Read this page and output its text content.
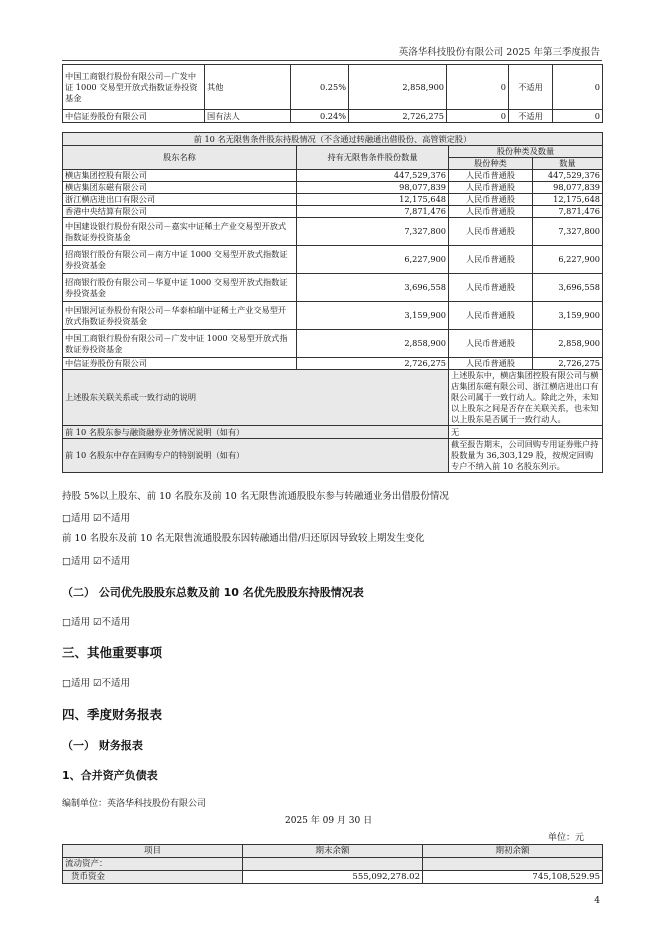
英洛华科技股份有限公司 2025 年第三季度报告
中国工商银行股份有限公司－广发中证 1000 交易型开放式指数证券投资基金	其他	0.25%	2,858,900	0	不适用	0
中信证券股份有限公司	国有法人	0.24%	2,726,275	0	不适用	0
前 10 名无限售条件股东持股情况（不含通过转融通出借股份、高管锁定股）			
股东名称	持有无限售条件股份数量	股份种类及数量	
		股份种类	数量
横店集团控股有限公司	447,529,376	人民币普通股	447,529,376
横店集团东磁有限公司	98,077,839	人民币普通股	98,077,839
浙江横店进出口有限公司	12,175,648	人民币普通股	12,175,648
香港中央结算有限公司	7,871,476	人民币普通股	7,871,476
中国建设银行股份有限公司－嘉实中证稀土产业交易型开放式指数证券投资基金	7,327,800	人民币普通股	7,327,800
招商银行股份有限公司－南方中证 1000 交易型开放式指数证券投资基金	6,227,900	人民币普通股	6,227,900
招商银行股份有限公司－华夏中证 1000 交易型开放式指数证券投资基金	3,696,558	人民币普通股	3,696,558
中国银河证券股份有限公司－华泰柏瑞中证稀土产业交易型开放式指数证券投资基金	3,159,900	人民币普通股	3,159,900
中国工商银行股份有限公司－广发中证 1000 交易型开放式指数证券投资基金	2,858,900	人民币普通股	2,858,900
中信证券股份有限公司	2,726,275	人民币普通股	2,726,275
上述股东关联关系或一致行动的说明		上述股东中，横店集团控股有限公司与横店集团东磁有限公司、浙江横店进出口有限公司属于一致行动人。除此之外，未知以上股东之间是否存在关联关系，也未知以上股东是否属于一致行动人。	
前 10 名股东参与融资融券业务情况说明（如有）		无	
前 10 名股东中存在回购专户的特别说明（如有）		截至报告期末，公司回购专用证券账户持股数量为 36,303,129 股，按规定回购专户不纳入前 10 名股东列示。	
持股 5%以上股东、前 10 名股东及前 10 名无限售流通股股东参与转融通业务出借股份情况
□适用 ☑不适用
前 10 名股东及前 10 名无限售流通股股东因转融通出借/归还原因导致较上期发生变化
□适用 ☑不适用
（二） 公司优先股股东总数及前 10 名优先股股东持股情况表
□适用 ☑不适用
三、其他重要事项
□适用 ☑不适用
四、季度财务报表
（一） 财务报表
1、合并资产负债表
编制单位：英洛华科技股份有限公司
2025 年 09 月 30 日
单位：元
项目	期末余额	期初余额
流动资产：		
货币资金	555,092,278.02	745,108,529.95
4
